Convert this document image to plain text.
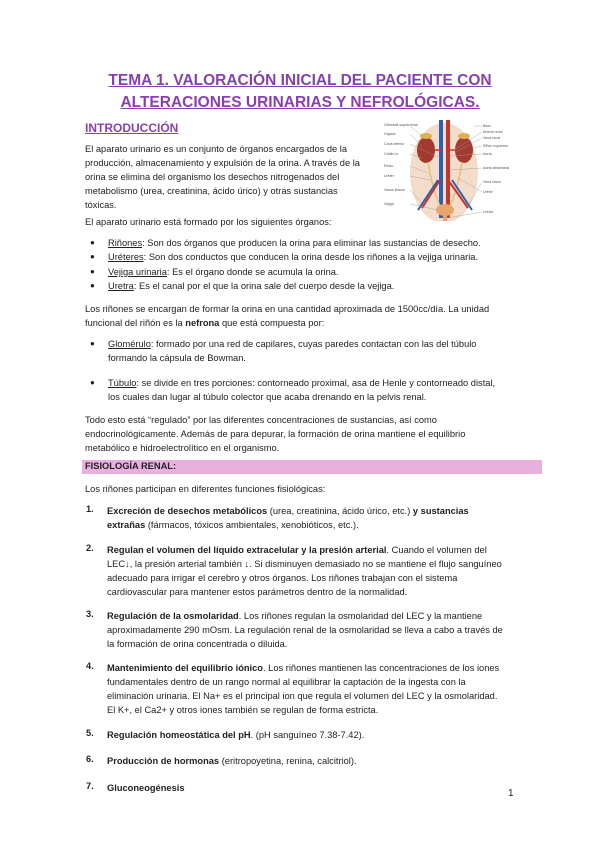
TEMA 1. VALORACIÓN INICIAL DEL PACIENTE CON
ALTERACIONES URINARIAS Y NEFROLÓGICAS.
INTRODUCCIÓN
El aparato urinario es un conjunto de órganos encargados de la
producción, almacenamiento y expulsión de la orina. A través de la
orina se elimina del organismo los desechos nitrogenados del
metabolismo (urea, creatinina, ácido úrico) y otras sustancias
tóxicas.
Glándula suprarrenal
Hígado
Cava inferior
Cúbito iz.
Recto
Uréter
Vasos ilíacos
Vejiga
Bazo
Arteria renal
Vena renal
Riñón izquierdo
Aorta
Aorta abdominal
Vena ilíaca
Uréter
Uretra
El aparato urinario está formado por los siguientes órganos:
● Riñones: Son dos órganos que producen la orina para eliminar las sustancias de desecho.
● Uréteres: Son dos conductos que conducen la orina desde los riñones a la vejiga urinaria.
● Vejiga urinaria: Es el órgano donde se acumula la orina.
● Uretra: Es el canal por el que la orina sale del cuerpo desde la vejiga.
Los riñones se encargan de formar la orina en una cantidad aproximada de 1500cc/día. La unidad
funcional del riñón es la nefrona que está compuesta por:
● Glomérulo: formado por una red de capilares, cuyas paredes contactan con las del túbulo
formando la cápsula de Bowman.
● Túbulo: se divide en tres porciones: contorneado proximal, asa de Henle y contorneado distal,
los cuales dan lugar al túbulo colector que acaba drenando en la pelvis renal.
Todo esto está “regulado” por las diferentes concentraciones de sustancias, así como
endocrinológicamente. Además de para depurar, la formación de orina mantiene el equilibrio
metabólico e hidroelectrolítico en el organismo.
FISIOLOGÍA RENAL:
Los riñones participan en diferentes funciones fisiológicas:
1. Excreción de desechos metabólicos (urea, creatinina, ácido úrico, etc.) y sustancias
extrañas (fármacos, tóxicos ambientales, xenobióticos, etc.).
2. Regulan el volumen del líquido extracelular y la presión arterial. Cuando el volumen del
LEC↓, la presión arterial también ↓. Si disminuyen demasiado no se mantiene el flujo sanguíneo
adecuado para irrigar el cerebro y otros órganos. Los riñones trabajan con el sistema
cardiovascular para mantener estos parámetros dentro de la normalidad.
3. Regulación de la osmolaridad. Los riñones regulan la osmolaridad del LEC y la mantiene
aproximadamente 290 mOsm. La regulación renal de la osmolaridad se lleva a cabo a través de
la formación de orina concentrada o diluida.
4. Mantenimiento del equilibrio iónico. Los riñones mantienen las concentraciones de los iones
fundamentales dentro de un rango normal al equilibrar la captación de la ingesta con la
eliminación urinaria. El Na+ es el principal ion que regula el volumen del LEC y la osmolaridad.
El K+, el Ca2+ y otros iones también se regulan de forma estricta.
5. Regulación homeostática del pH. (pH sanguíneo 7.38-7.42).
6. Producción de hormonas (eritropoyetina, renina, calcitriol).
7. Gluconeogénesis	1
